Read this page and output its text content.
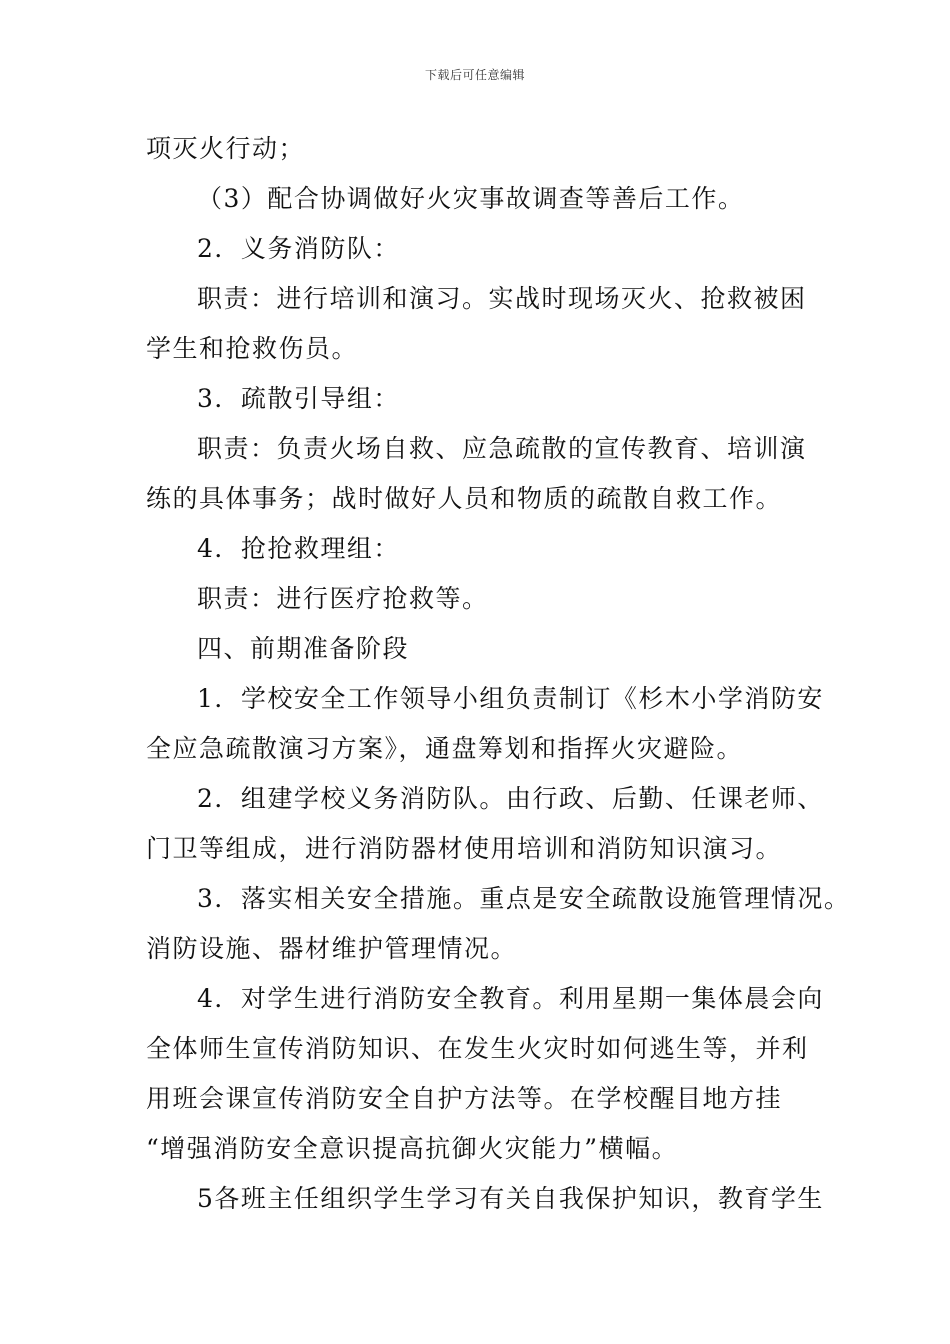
下载后可任意编辑

项灭火行动；

（3）配合协调做好火灾事故调查等善后工作。

2．义务消防队：

职责：进行培训和演习。实战时现场灭火、抢救被困

学生和抢救伤员。

3．疏散引导组：

职责：负责火场自救、应急疏散的宣传教育、培训演

练的具体事务；战时做好人员和物质的疏散自救工作。

4．抢抢救理组：

职责：进行医疗抢救等。

四、前期准备阶段

1．学校安全工作领导小组负责制订《杉木小学消防安

全应急疏散演习方案》，通盘筹划和指挥火灾避险。

2．组建学校义务消防队。由行政、后勤、任课老师、

门卫等组成，进行消防器材使用培训和消防知识演习。

3．落实相关安全措施。重点是安全疏散设施管理情况。

消防设施、器材维护管理情况。

4．对学生进行消防安全教育。利用星期一集体晨会向

全体师生宣传消防知识、在发生火灾时如何逃生等，并利

用班会课宣传消防安全自护方法等。在学校醒目地方挂

“增强消防安全意识提高抗御火灾能力”横幅。

5各班主任组织学生学习有关自我保护知识，教育学生
